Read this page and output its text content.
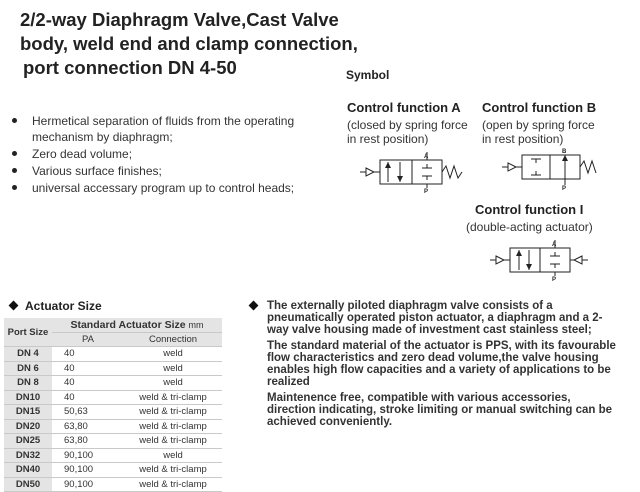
2/2-way Diaphragm Valve,Cast Valve
body, weld end and clamp connection,
port connection DN 4-50	Symbol
Hermetical separation of fluids from the operating mechanism by diaphragm;
Zero dead volume;
Various surface finishes;
universal accessary program up to control heads;
Control function A
(closed by spring force
in rest position)
A
P
Control function B
(open by spring force
in rest position)
B
P
Control function I
(double-acting actuator)
A
P
Actuator Size
Port Size	Standard Actuator Size mm	
	PA	Connection
DN 4	40	weld
DN 6	40	weld
DN 8	40	weld
DN10	40	weld & tri-clamp
DN15	50,63	weld & tri-clamp
DN20	63,80	weld & tri-clamp
DN25	63,80	weld & tri-clamp
DN32	90,100	weld
DN40	90,100	weld & tri-clamp
DN50	90,100	weld & tri-clamp

The externally piloted diaphragm valve consists of a pneumatically operated piston actuator, a diaphragm and a 2-way valve housing made of investment cast stainless steel;

The standard material of the actuator is PPS, with its favourable flow characteristics and zero dead volume,the valve housing enables high flow capacities and a variety of applications to be realized

Maintenence free, compatible with various accessories, direction indicating, stroke limiting or manual switching can be achieved conveniently.
